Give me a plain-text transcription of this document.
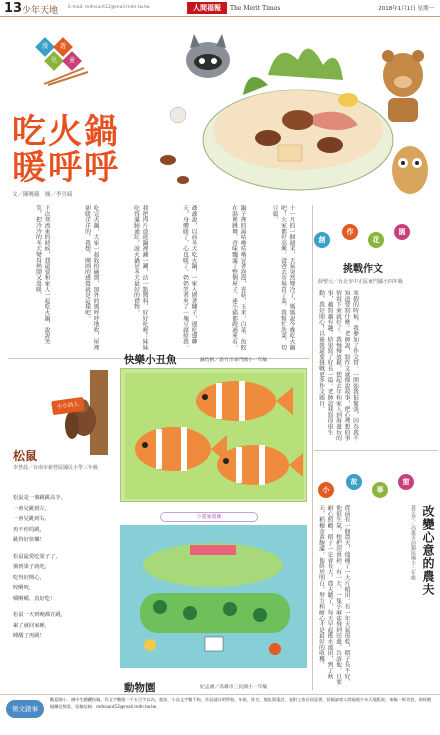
13 少年天地 E-mail: mdnsunt12@mail.mdn.tw.tw	人間福報	The Merit Times	2018年1月1日 星期一
漫	遊
兒	童
吃火鍋
暖呼呼
文／陳曉薇　圖／李昱綺
十一月的一個週末，天氣突然變冷了，媽媽說今晚吃火鍋吧！大家都好高興。爸爸去市場買了菜，我幫忙洗菜、切豆腐。
鍋子裡的湯咕嚕咕嚕冒著泡泡，香菇、玉米、白菜、魚餃在湯裡跳舞，香味飄滿了整個屋子，連小貓都跑過來看。
爺爺說，以前冬天吃火鍋，一家人圍著爐子，邊吃邊聊天，身體暖了，心也暖了。奶奶笑著夾了一塊豆腐給我。
我把肉片放進鍋裡涮一涮，沾一點醬料，好好吃喔！妹妹吃得滿臉通紅，說火鍋是冬天最好的禮物。
吃完火鍋，大家一起收拾碗盤，窗外的風呼呼地吹，屋裡卻暖洋洋的。我想，團圓的感覺就是這樣吧。
下次寒流來的時候，我還要和家人一起吃火鍋，說說笑笑，把冷冷的冬天變得熱鬧又溫暖。
小小詩人
松鼠
李慧晨／台南市新營區國民小學三年級
松鼠是一個跳跳高手，
一會兒跳到左，
一會兒跳到右，
再不停的跳，
跳得好快樂！
松鼠最愛吃果子了，
撿到果子就吃，
吃得好開心，
咬啊咬，
嚼啊嚼，真好吃！
松鼠一天到晚都在跳，
累了就回家睡，
睡醒了再跳！
快樂小丑魚	蘇怡帆／新竹市東門國小一年級
小畫家畫廊
動物園	紀孟涵／高雄市三民國小一年級
創
作
花
園
挑戰作文
薛聖元／台北市中正區東門國小四年級
寒假的時候，我參加了作文營。一開始我很緊張，因為我不知道要寫什麼。老師說，寫作文就像說故事，把心裡想的事情寫下來就好了。我慢慢放鬆，想起去年和家人到海邊玩的事，越寫越有趣，結果寫了好長一篇。老師誇我寫得很生動，我好開心！以後我還要挑戰更多作文題目。
小
故
事
窗
改變心意的農夫
黃芷芹／高雄市前鎮區國小三年級
從前有一個農夫，他種了一大片稻田。有一年天氣很乾，稻子長不好，他很生氣，想把田賣掉。有一天，一隻小麻雀飛到田邊，告訴他，只要耐心照顧，稻子一定會長大。農夫聽了，每天早起挑水澆田，到了秋天，稻穗金黃飽滿，他終於明白，努力和耐心才是最好的收穫。
徵文啟事
歡迎國小、國中生踴躍投稿，作文字數限一千五百字以內，童詩、小品文字數不拘，作品請註明學校、年級、姓名、地址與電話，並附上家長同意書，投稿請寄人間福報少年天地版收。來稿一經刊登，即致贈稿酬及獎狀。投稿信箱：mdnsunt12@mail.mdn.tw.tw
